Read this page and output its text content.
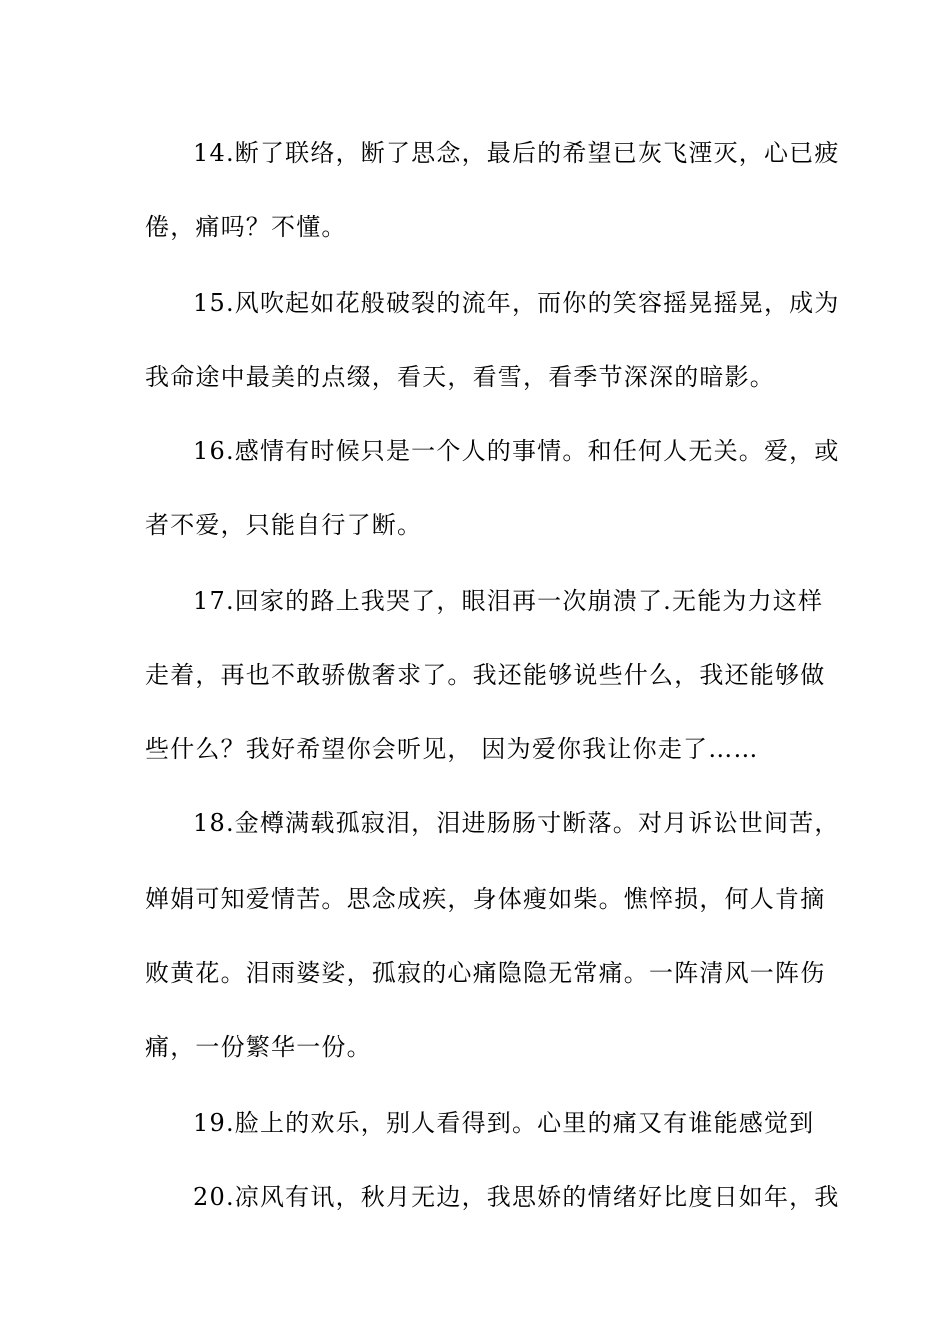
14.断了联络，断了思念，最后的希望已灰飞湮灭，心已疲
倦，痛吗？不懂。
15.风吹起如花般破裂的流年，而你的笑容摇晃摇晃，成为
我命途中最美的点缀，看天，看雪，看季节深深的暗影。
16.感情有时候只是一个人的事情。和任何人无关。爱，或
者不爱，只能自行了断。
17.回家的路上我哭了，眼泪再一次崩溃了.无能为力这样
走着，再也不敢骄傲奢求了。我还能够说些什么，我还能够做
些什么？我好希望你会听见， 因为爱你我让你走了……
18.金樽满载孤寂泪，泪进肠肠寸断落。对月诉讼世间苦，
婵娟可知爱情苦。思念成疾，身体瘦如柴。憔悴损，何人肯摘
败黄花。泪雨婆娑，孤寂的心痛隐隐无常痛。一阵清风一阵伤
痛，一份繁华一份。
19.脸上的欢乐，别人看得到。心里的痛又有谁能感觉到
20.凉风有讯，秋月无边，我思娇的情绪好比度日如年，我
